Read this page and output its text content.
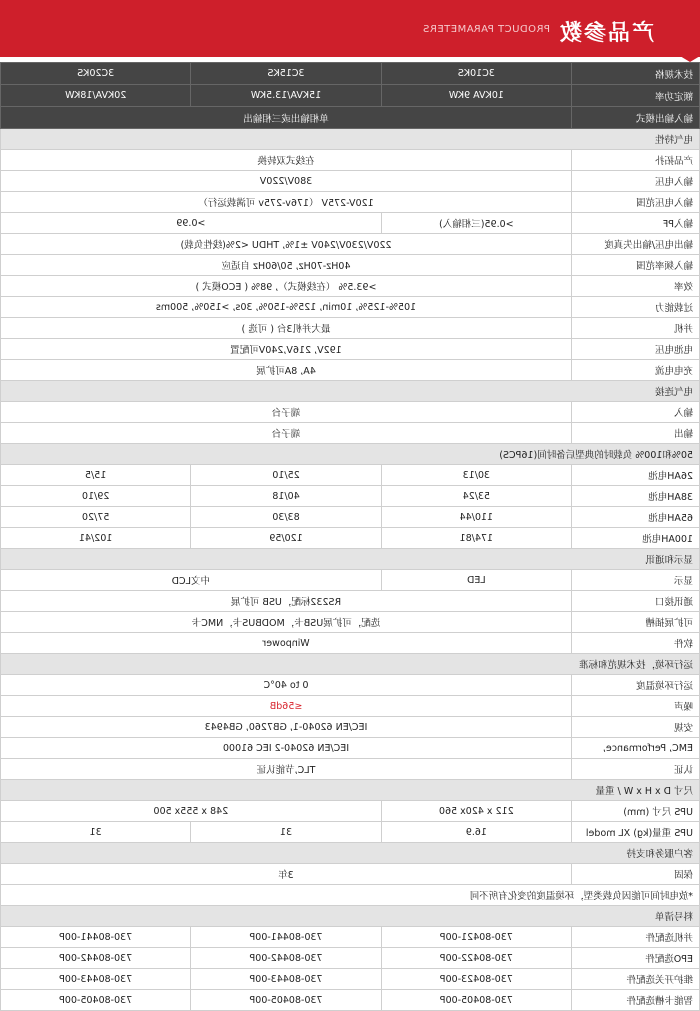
产品参数
PRODUCT PARAMETERS
技术规格	3C10KS	3C15KS	3C20KS
额定功率	10KVA 9KW	15KVA/13.5KW	20KVA/18KW
输入输出模式	单相输出或三相输出		
电气特性			
产品拓扑	在线式双转换		
输入电压	380V/220V		
输入电压范围	120V-275V （176v-275v 可满载运行）		
输入PF	>0.95(三相输入)	>0.99	
输出电压/输出失真度	220V/230V/240V ±1%, THDU <2%(线性负载)		
输入频率范围	40Hz-70Hz, 50/60Hz 自适应		
效率	>93.5% （在线模式）, 98% ( ECO模式 )		
过载能力	105%-125%, 10min, 125%-150%, 30s, >150%, 500ms		
并机	最大并机3台 ( 可选 )		
电池电压	192V, 216V,240V可配置		
充电电流	4A, 8A可扩展		
电气连接			
输入	端子台		
输出	端子台		
50%和100% 负载时的典型后备时间(16PCS)			
26AH电池	30/13	25/10	15/5
38AH电池	53/24	40/18	29/10
65AH电池	110/44	83/30	57/20
100AH电池	174/81	120/59	102/41
显示和通讯			
显示	LED	中文LCD	
通讯接口	RS232标配，USB 可扩展		
可扩展插槽	选配，可扩展USB卡，MODBUS卡，NMC卡		
软件	Winpower		
运行环境，技术规范和标准			
运行环境温度	0 to 40°C		
噪声	≤56dB		
安规	IEC/EN 62040-1, GB7260, GB4943		
EMC, Performance,	IEC/EN 62040-2 IEC 61000		
认证	TLC,节能认证		
尺寸 D x H x W / 重量			
UPS 尺寸 (mm)	212 x 420x 560	248 x 555x 500	
UPS 重量(kg) XL model	16.9	31	31
客户服务和支持			
保固	3年		
*放电时间可能因负载类型，环境温度的变化有所不同			
料号清单			
并机选配件	730-80421-00P	730-80441-00P	730-80441-00P
EPO选配件	730-80422-00P	730-80442-00P	730-80442-00P
维护开关选配件	730-80423-00P	730-80443-00P	730-80443-00P
智能卡槽选配件	730-80405-00P	730-80405-00P	730-80405-00P
